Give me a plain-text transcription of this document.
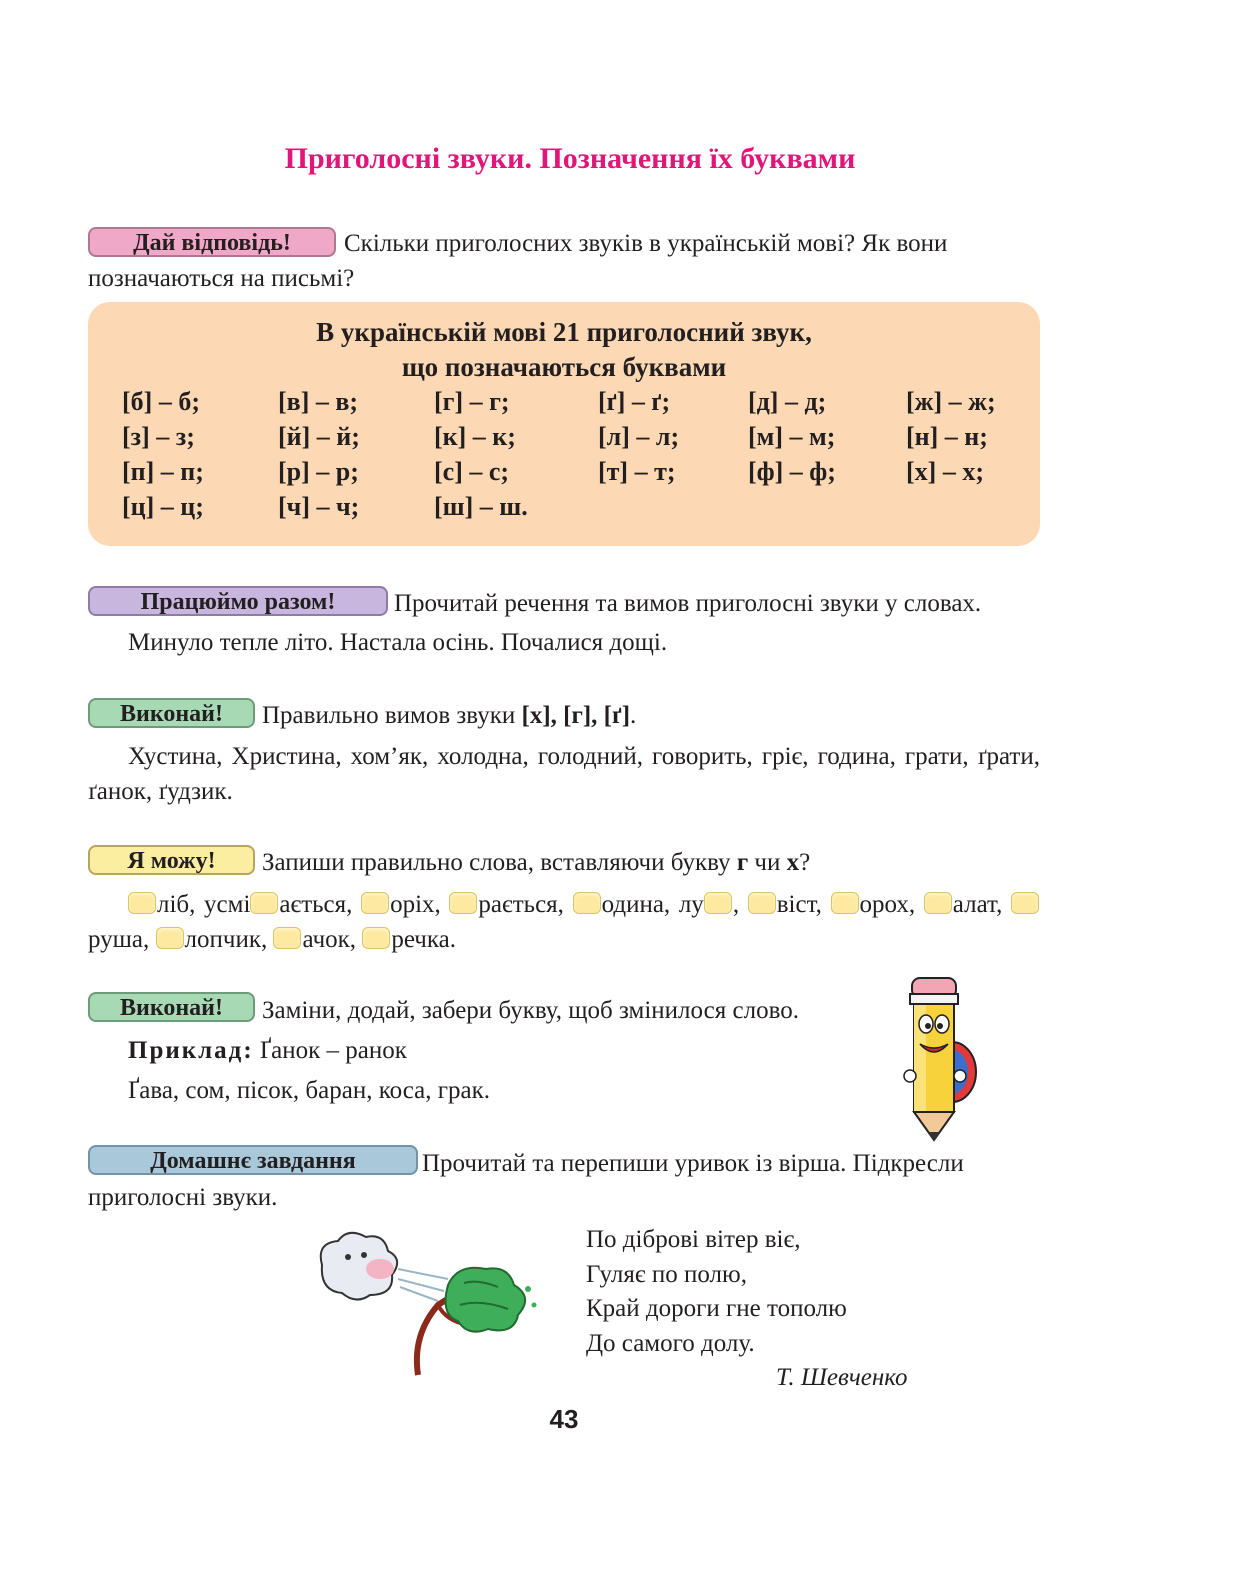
Приголосні звуки. Позначення їх буквами
Дай відповідь!	Скільки приголосних звуків в українській мові? Як вони
позначаються на письмі?
В українській мові 21 приголосний звук,
що позначаються буквами
[б] – б;	[в] – в;	[г] – г;	[ґ] – ґ;	[д] – д;	[ж] – ж;
[з] – з;	[й] – й;	[к] – к;	[л] – л;	[м] – м;	[н] – н;
[п] – п;	[р] – р;	[с] – с;	[т] – т;	[ф] – ф;	[х] – х;
[ц] – ц;	[ч] – ч;	[ш] – ш.
Працюймо разом!	Прочитай речення та вимов приголосні звуки у словах.
Минуло тепле літо. Настала осінь. Почалися дощі.
Виконай!	Правильно вимов звуки [х], [г], [ґ].
Хустина, Христина, хом’як, холодна, голодний, говорить, гріє, година, грати, ґрати, ґанок, ґудзик.
Я можу!	Запиши правильно слова, вставляючи букву г чи х?
ліб, усмі ається, оріх, рається, одина, лу , віст, орох, алат, руша, лопчик, ачок, речка.
Виконай!	Заміни, додай, забери букву, щоб змінилося слово.
Приклад: Ґанок – ранок
Ґава, сом, пісок, баран, коса, грак.
Домашнє завдання	Прочитай та перепиши уривок із вірша. Підкресли
приголосні звуки.
По діброві вітер віє,
Гуляє по полю,
Край дороги гне тополю
До самого долу.
Т. Шевченко
43
